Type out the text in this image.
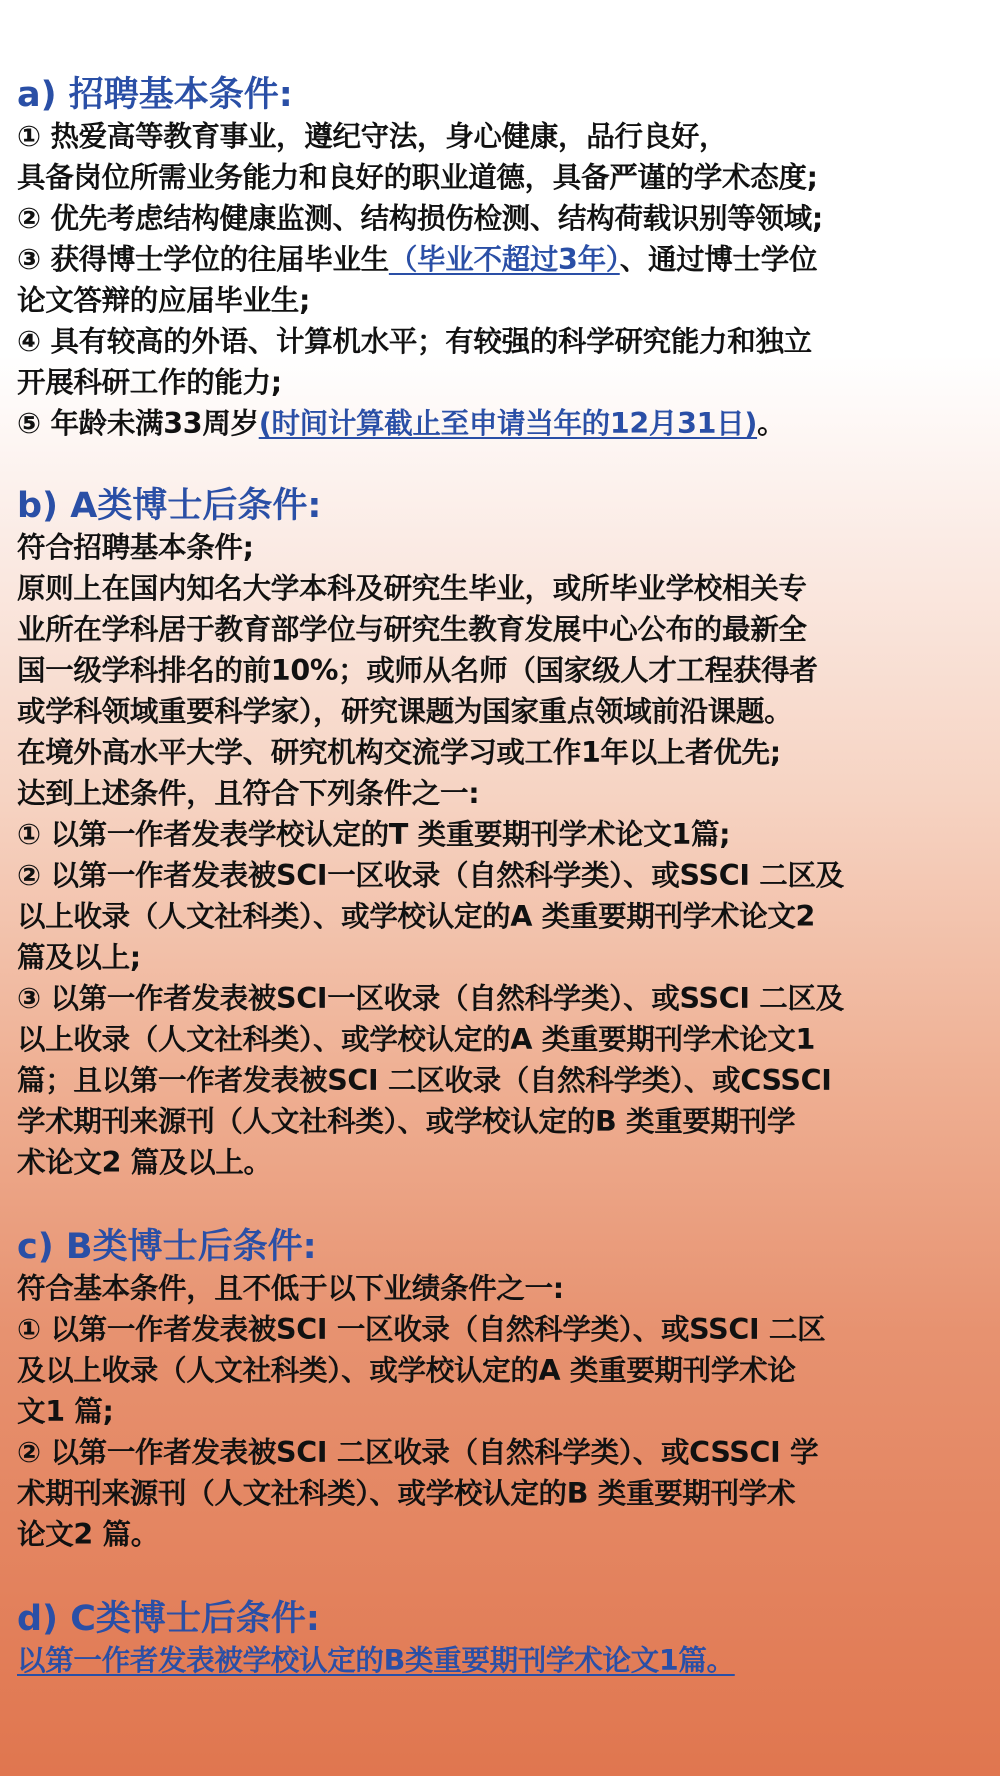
a) 招聘基本条件:

① 热爱高等教育事业，遵纪守法，身心健康，品行良好，

具备岗位所需业务能力和良好的职业道德，具备严谨的学术态度;

② 优先考虑结构健康监测、结构损伤检测、结构荷载识别等领域;

③ 获得博士学位的往届毕业生（毕业不超过3年）、通过博士学位

论文答辩的应届毕业生;

④ 具有较高的外语、计算机水平；有较强的科学研究能力和独立

开展科研工作的能力;

⑤ 年龄未满33周岁(时间计算截止至申请当年的12月31日)。

b) A类博士后条件:

符合招聘基本条件;

原则上在国内知名大学本科及研究生毕业，或所毕业学校相关专

业所在学科居于教育部学位与研究生教育发展中心公布的最新全

国一级学科排名的前10%；或师从名师（国家级人才工程获得者

或学科领域重要科学家），研究课题为国家重点领域前沿课题。

在境外高水平大学、研究机构交流学习或工作1年以上者优先;

达到上述条件，且符合下列条件之一:

① 以第一作者发表学校认定的T 类重要期刊学术论文1篇;

② 以第一作者发表被SCI一区收录（自然科学类）、或SSCI 二区及

以上收录（人文社科类）、或学校认定的A 类重要期刊学术论文2

篇及以上;

③ 以第一作者发表被SCI一区收录（自然科学类）、或SSCI 二区及

以上收录（人文社科类）、或学校认定的A 类重要期刊学术论文1

篇；且以第一作者发表被SCI 二区收录（自然科学类）、或CSSCI

学术期刊来源刊（人文社科类）、或学校认定的B 类重要期刊学

术论文2 篇及以上。

c) B类博士后条件:

符合基本条件，且不低于以下业绩条件之一:

① 以第一作者发表被SCI 一区收录（自然科学类）、或SSCI 二区

及以上收录（人文社科类）、或学校认定的A 类重要期刊学术论

文1 篇;

② 以第一作者发表被SCI 二区收录（自然科学类）、或CSSCI 学

术期刊来源刊（人文社科类）、或学校认定的B 类重要期刊学术

论文2 篇。

d) C类博士后条件:

以第一作者发表被学校认定的B类重要期刊学术论文1篇。
